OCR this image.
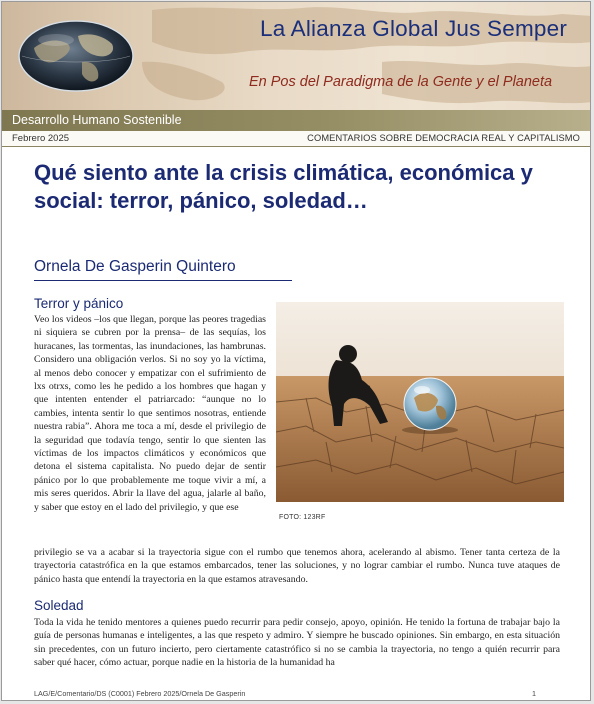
La Alianza Global Jus Semper
En Pos del Paradigma de la Gente y el Planeta
Desarrollo Humano Sostenible
Febrero 2025	COMENTARIOS SOBRE DEMOCRACIA REAL Y CAPITALISMO
Qué siento ante la crisis climática, económica y social: terror, pánico, soledad…
Ornela De Gasperin Quintero
Terror y pánico

Veo los videos –los que llegan, porque las peores tragedias ni siquiera se cubren por la prensa– de las sequías, los huracanes, las tormentas, las inundaciones, las hambrunas. Considero una obligación verlos. Si no soy yo la víctima, al menos debo conocer y empatizar con el sufrimiento de lxs otrxs, como les he pedido a los hombres que hagan y que intenten entender el patriarcado: “aunque no lo cambies, intenta sentir lo que sentimos nosotras, entiende nuestra rabia”. Ahora me toca a mí, desde el privilegio de la seguridad que todavía tengo, sentir lo que sienten las víctimas de los impactos climáticos y económicos que detona el sistema capitalista. No puedo dejar de sentir pánico por lo que probablemente me toque vivir a mí, a mis seres queridos. Abrir la llave del agua, jalarle al baño, y saber que estoy en el lado del privilegio, y que ese

FOTO: 123RF

privilegio se va a acabar si la trayectoria sigue con el rumbo que tenemos ahora, acelerando al abismo. Tener tanta certeza de la trayectoria catastrófica en la que estamos embarcados, tener las soluciones, y no lograr cambiar el rumbo. Nunca tuve ataques de pánico hasta que entendí la trayectoria en la que estamos atravesando.

Soledad

Toda la vida he tenido mentores a quienes puedo recurrir para pedir consejo, apoyo, opinión. He tenido la fortuna de trabajar bajo la guía de personas humanas e inteligentes, a las que respeto y admiro. Y siempre he buscado opiniones. Sin embargo, en esta situación sin precedentes, con un futuro incierto, pero ciertamente catastrófico si no se cambia la trayectoria, no tengo a quién recurrir para saber qué hacer, cómo actuar, porque nadie en la historia de la humanidad ha

LAG/E/Comentario/DS (C0001) Febrero 2025/Ornela De Gasperin	1
